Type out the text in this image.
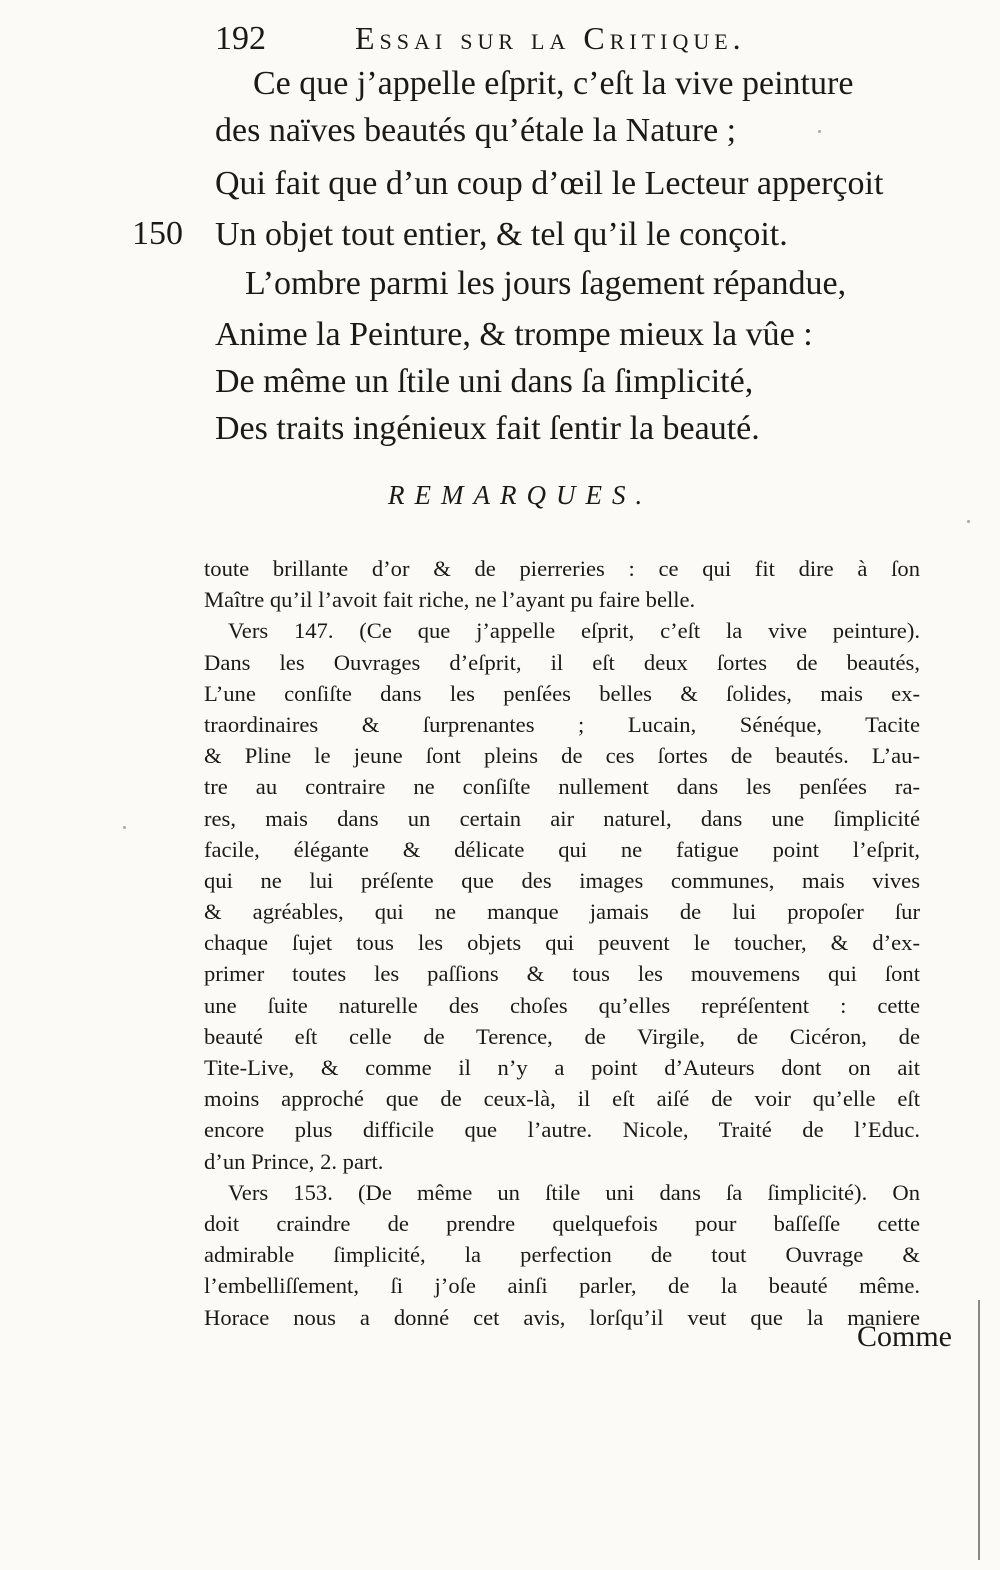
192	Essai sur la Critique.
Ce que j’appelle eſprit, c’eſt la vive peinture
des naïves beautés qu’étale la Nature ;
Qui fait que d’un coup d’œil le Lecteur apperçoit
150 Un objet tout entier, & tel qu’il le conçoit.
L’ombre parmi les jours ſagement répandue,
Anime la Peinture, & trompe mieux la vûe :
De même un ſtile uni dans ſa ſimplicité,
Des traits ingénieux fait ſentir la beauté.
REMARQUES.
toute brillante d’or & de pierreries : ce qui fit dire à ſon
Maître qu’il l’avoit fait riche, ne l’ayant pu faire belle.
Vers 147. (Ce que j’appelle eſprit, c’eſt la vive peinture).
Dans les Ouvrages d’eſprit, il eſt deux ſortes de beautés,
L’une conſiſte dans les penſées belles & ſolides, mais ex-
traordinaires & ſurprenantes ; Lucain, Sénéque, Tacite
& Pline le jeune ſont pleins de ces ſortes de beautés. L’au-
tre au contraire ne conſiſte nullement dans les penſées ra-
res, mais dans un certain air naturel, dans une ſimplicité
facile, élégante & délicate qui ne fatigue point l’eſprit,
qui ne lui préſente que des images communes, mais vives
& agréables, qui ne manque jamais de lui propoſer ſur
chaque ſujet tous les objets qui peuvent le toucher, & d’ex-
primer toutes les paſſions & tous les mouvemens qui ſont
une ſuite naturelle des choſes qu’elles repréſentent : cette
beauté eſt celle de Terence, de Virgile, de Cicéron, de
Tite-Live, & comme il n’y a point d’Auteurs dont on ait
moins approché que de ceux-là, il eſt aiſé de voir qu’elle eſt
encore plus difficile que l’autre. Nicole, Traité de l’Educ.
d’un Prince, 2. part.
Vers 153. (De même un ſtile uni dans ſa ſimplicité). On
doit craindre de prendre quelquefois pour baſſeſſe cette
admirable ſimplicité, la perfection de tout Ouvrage &
l’embelliſſement, ſi j’oſe ainſi parler, de la beauté même.
Horace nous a donné cet avis, lorſqu’il veut que la maniere
Comme
